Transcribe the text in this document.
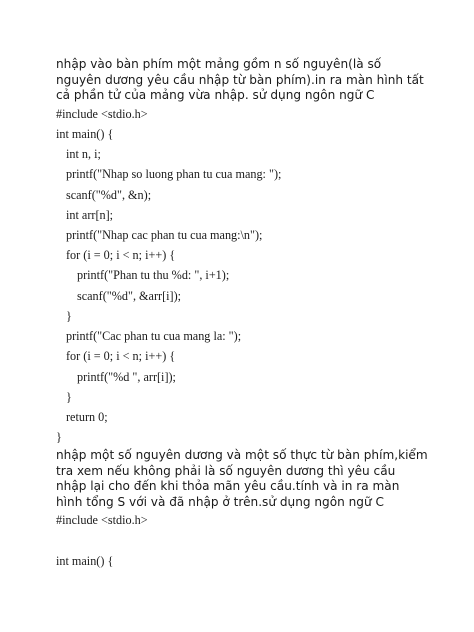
nhập vào bàn phím một mảng gồm n số nguyên(là số nguyên dương yêu cầu nhập từ bàn phím).in ra màn hình tất cả phần tử của mảng vừa nhập. sử dụng ngôn ngữ C

#include <stdio.h>
int main() {
int n, i;
printf("Nhap so luong phan tu cua mang: ");
scanf("%d", &n);
int arr[n];
printf("Nhap cac phan tu cua mang:\n");
for (i = 0; i < n; i++) {
printf("Phan tu thu %d: ", i+1);
scanf("%d", &arr[i]);
}
printf("Cac phan tu cua mang la: ");
for (i = 0; i < n; i++) {
printf("%d ", arr[i]);
}
return 0;
}

nhập một số nguyên dương và một số thực từ bàn phím,kiểm tra xem nếu không phải là số nguyên dương thì yêu cầu nhập lại cho đến khi thỏa mãn yêu cầu.tính và in ra màn hình tổng S với và đã nhập ở trên.sử dụng ngôn ngữ C

#include <stdio.h>
int main() {
